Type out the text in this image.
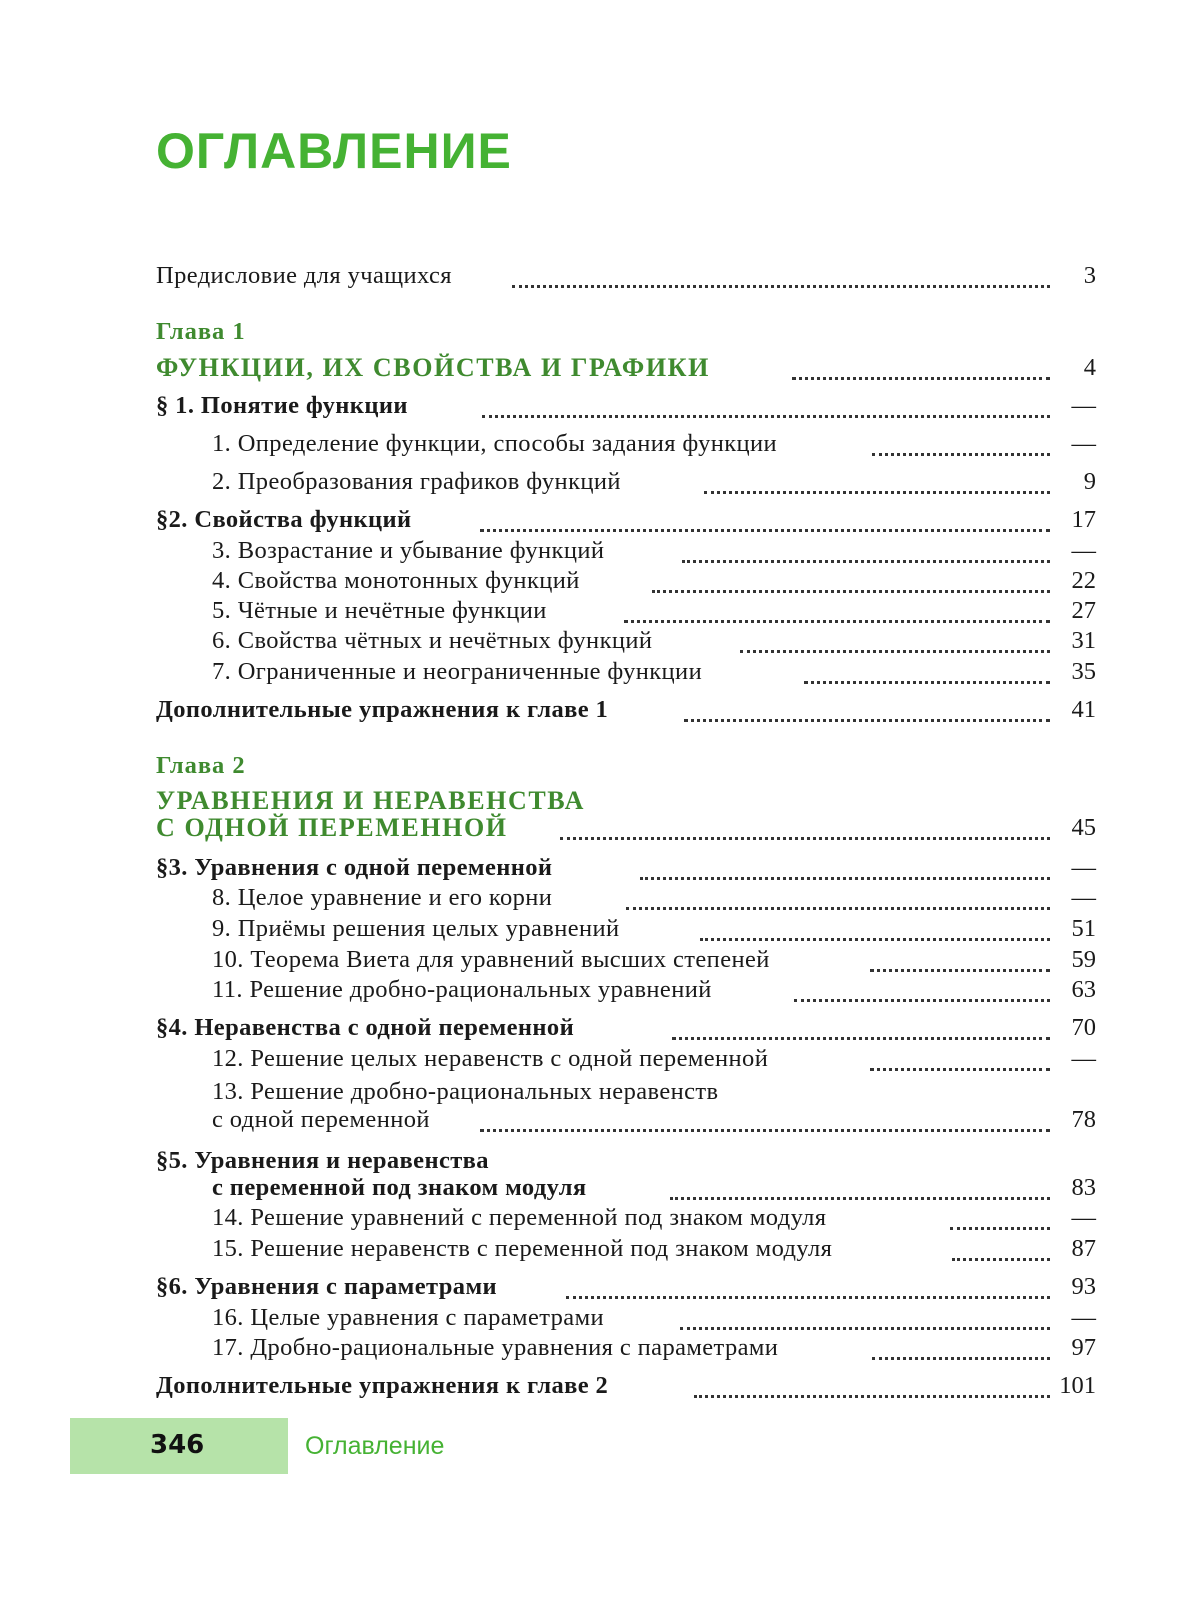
ОГЛАВЛЕНИЕ
Предисловие для учащихся	3
Глава 1
ФУНКЦИИ, ИХ СВОЙСТВА И ГРАФИКИ	4
§ 1. Понятие функции	—
1. Определение функции, способы задания функции	—
2. Преобразования графиков функций	9
§2. Свойства функций	17
3. Возрастание и убывание функций	—
4. Свойства монотонных функций	22
5. Чётные и нечётные функции	27
6. Свойства чётных и нечётных функций	31
7. Ограниченные и неограниченные функции	35
Дополнительные упражнения к главе 1	41
Глава 2
УРАВНЕНИЯ И НЕРАВЕНСТВА
С ОДНОЙ ПЕРЕМЕННОЙ	45
§3. Уравнения с одной переменной	—
8. Целое уравнение и его корни	—
9. Приёмы решения целых уравнений	51
10. Теорема Виета для уравнений высших степеней	59
11. Решение дробно-рациональных уравнений	63
§4. Неравенства с одной переменной	70
12. Решение целых неравенств с одной переменной	—
13. Решение дробно-рациональных неравенств
с одной переменной	78
§5. Уравнения и неравенства
с переменной под знаком модуля	83
14. Решение уравнений с переменной под знаком модуля	—
15. Решение неравенств с переменной под знаком модуля	87
§6. Уравнения с параметрами	93
16. Целые уравнения с параметрами	—
17. Дробно-рациональные уравнения с параметрами	97
Дополнительные упражнения к главе 2	101
346	Оглавление
